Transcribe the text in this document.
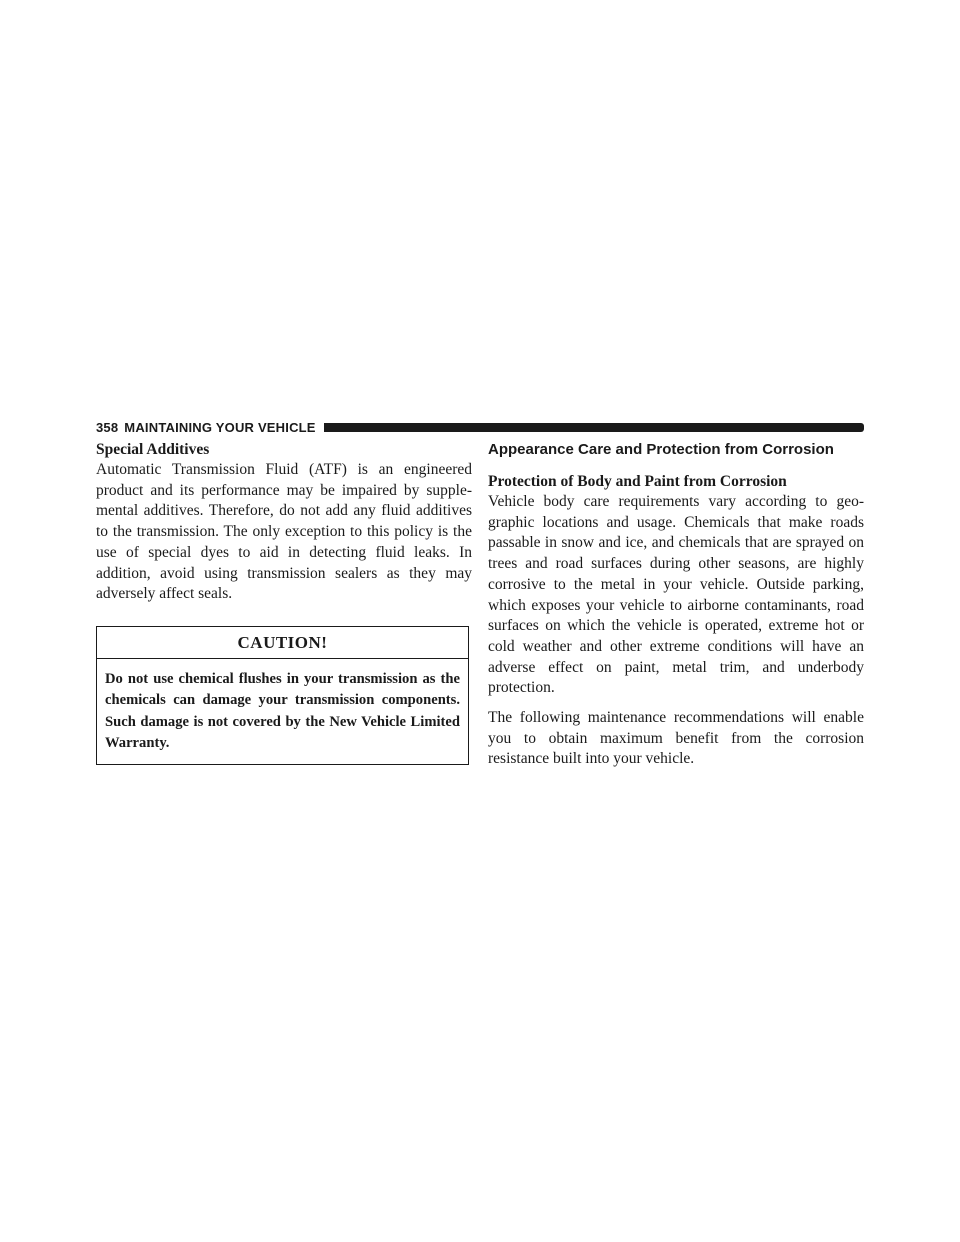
358 MAINTAINING YOUR VEHICLE

Special Additives

Automatic Transmission Fluid (ATF) is an engineered product and its performance may be impaired by supplemental additives. Therefore, do not add any fluid additives to the transmission. The only exception to this policy is the use of special dyes to aid in detecting fluid leaks. In addition, avoid using transmission sealers as they may adversely affect seals.

CAUTION!
Do not use chemical flushes in your transmission as the chemicals can damage your transmission components. Such damage is not covered by the New Vehicle Limited Warranty.

Appearance Care and Protection from Corrosion

Protection of Body and Paint from Corrosion

Vehicle body care requirements vary according to geographic locations and usage. Chemicals that make roads passable in snow and ice, and chemicals that are sprayed on trees and road surfaces during other seasons, are highly corrosive to the metal in your vehicle. Outside parking, which exposes your vehicle to airborne contaminants, road surfaces on which the vehicle is operated, extreme hot or cold weather and other extreme conditions will have an adverse effect on paint, metal trim, and underbody protection.

The following maintenance recommendations will enable you to obtain maximum benefit from the corrosion resistance built into your vehicle.
